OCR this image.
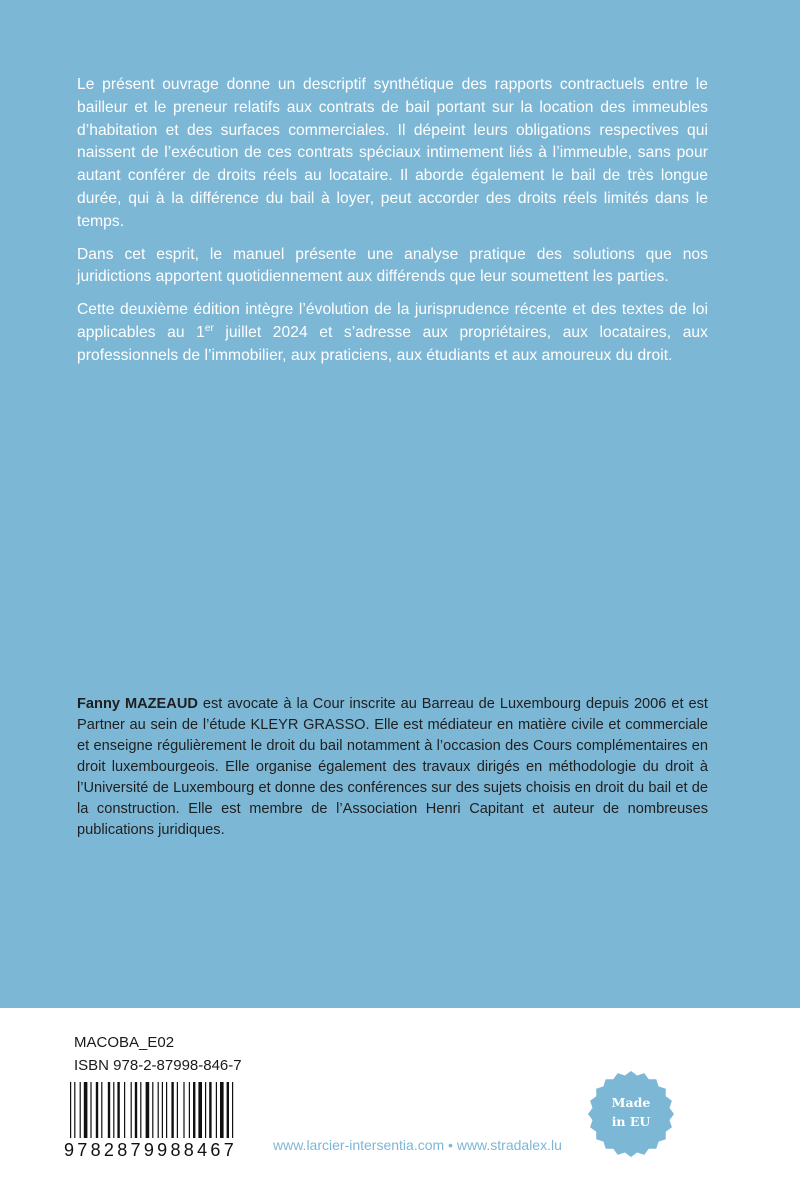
Le présent ouvrage donne un descriptif synthétique des rapports contractuels entre le bailleur et le preneur relatifs aux contrats de bail portant sur la location des immeubles d’habitation et des surfaces commerciales. Il dépeint leurs obligations respectives qui naissent de l’exécution de ces contrats spéciaux intimement liés à l’immeuble, sans pour autant conférer de droits réels au locataire. Il aborde également le bail de très longue durée, qui à la différence du bail à loyer, peut accorder des droits réels limités dans le temps.

Dans cet esprit, le manuel présente une analyse pratique des solutions que nos juridictions apportent quotidiennement aux différends que leur soumettent les parties.

Cette deuxième édition intègre l’évolution de la jurisprudence récente et des textes de loi applicables au 1er juillet 2024 et s’adresse aux propriétaires, aux locataires, aux professionnels de l’immobilier, aux praticiens, aux étudiants et aux amoureux du droit.

Fanny MAZEAUD est avocate à la Cour inscrite au Barreau de Luxembourg depuis 2006 et est Partner au sein de l’étude KLEYR GRASSO. Elle est médiateur en matière civile et commerciale et enseigne régulièrement le droit du bail notamment à l’occasion des Cours complémentaires en droit luxembourgeois. Elle organise également des travaux dirigés en méthodologie du droit à l’Université de Luxembourg et donne des conférences sur des sujets choisis en droit du bail et de la construction. Elle est membre de l’Association Henri Capitant et auteur de nombreuses publications juridiques.

MACOBA_E02
ISBN 978-2-87998-846-7
9782879988467	www.larcier-intersentia.com • www.stradalex.lu
Made
in EU
